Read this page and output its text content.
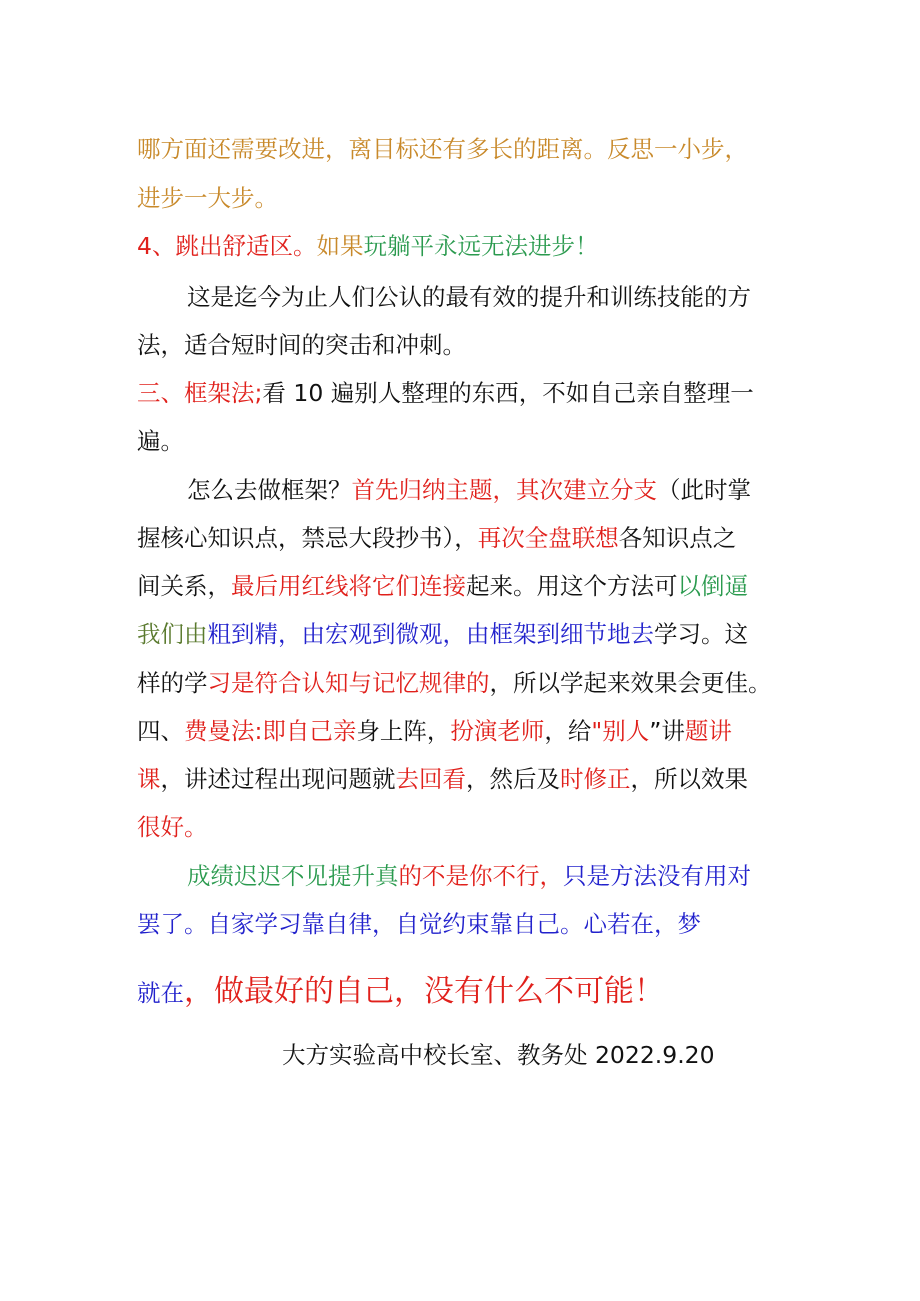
哪方面还需要改进，离目标还有多长的距离。反思一小步，
进步一大步。
4、跳出舒适区。如果玩躺平永远无法进步！
这是迄今为止人们公认的最有效的提升和训练技能的方
法，适合短时间的突击和冲刺。
三、框架法;看 10 遍别人整理的东西，不如自己亲自整理一
遍。
怎么去做框架？首先归纳主题，其次建立分支（此时掌
握核心知识点，禁忌大段抄书），再次全盘联想各知识点之
间关系，最后用红线将它们连接起来。用这个方法可以倒逼
我们由粗到精，由宏观到微观，由框架到细节地去学习。这
样的学习是符合认知与记忆规律的，所以学起来效果会更佳。
四、费曼法:即自己亲身上阵，扮演老师，给"别人”讲题讲
课，讲述过程出现问题就去回看，然后及时修正，所以效果
很好。
成绩迟迟不见提升真的不是你不行，只是方法没有用对
罢了。自家学习靠自律，自觉约束靠自己。心若在，梦
就在，做最好的自己，没有什么不可能！
大方实验高中校长室、教务处 2022.9.20
